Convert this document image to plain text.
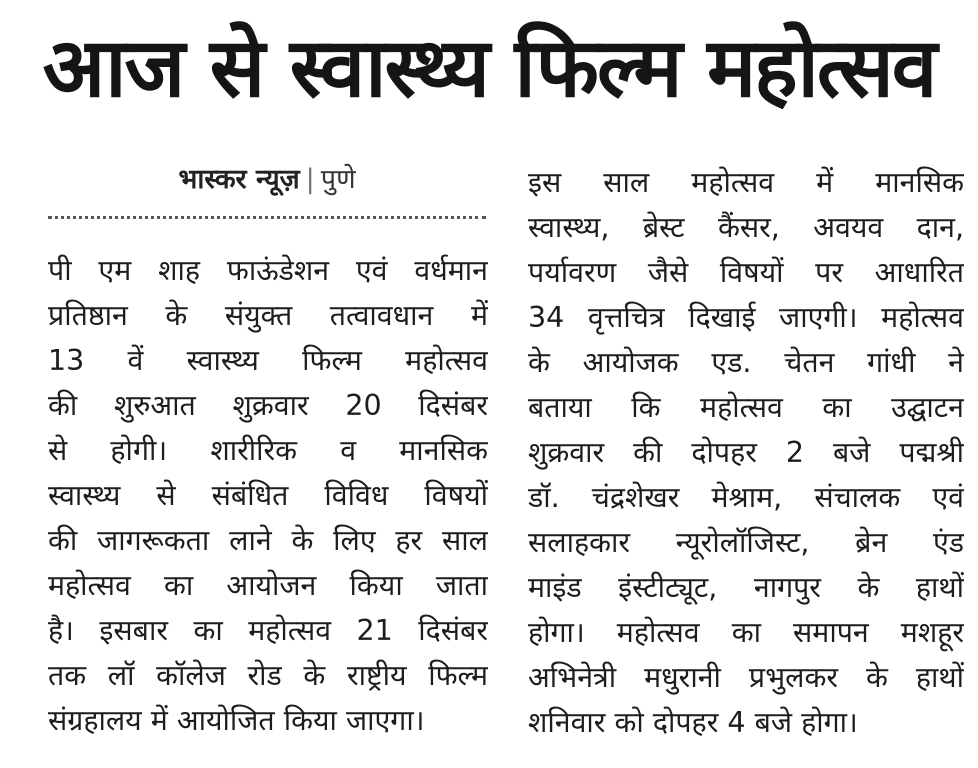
आज से स्वास्थ्य फिल्म महोत्सव
भास्कर न्यूज़ | पुणे
पी एम शाह फाऊंडेशन एवं वर्धमान
प्रतिष्ठान के संयुक्त तत्वावधान में
13 वें स्वास्थ्य फिल्म महोत्सव
की शुरुआत शुक्रवार 20 दिसंबर
से होगी। शारीरिक व मानसिक
स्वास्थ्य से संबंधित विविध विषयों
की जागरूकता लाने के लिए हर साल
महोत्सव का आयोजन किया जाता
है। इसबार का महोत्सव 21 दिसंबर
तक लॉ कॉलेज रोड के राष्ट्रीय फिल्म
संग्रहालय में आयोजित किया जाएगा।
इस साल महोत्सव में मानसिक
स्वास्थ्य, ब्रेस्ट कैंसर, अवयव दान,
पर्यावरण जैसे विषयों पर आधारित
34 वृत्तचित्र दिखाई जाएगी। महोत्सव
के आयोजक एड. चेतन गांधी ने
बताया कि महोत्सव का उद्घाटन
शुक्रवार की दोपहर 2 बजे पद्मश्री
डॉ. चंद्रशेखर मेश्राम, संचालक एवं
सलाहकार न्यूरोलॉजिस्ट, ब्रेन एंड
माइंड इंस्टीट्यूट, नागपुर के हाथों
होगा। महोत्सव का समापन मशहूर
अभिनेत्री मधुरानी प्रभुलकर के हाथों
शनिवार को दोपहर 4 बजे होगा।
